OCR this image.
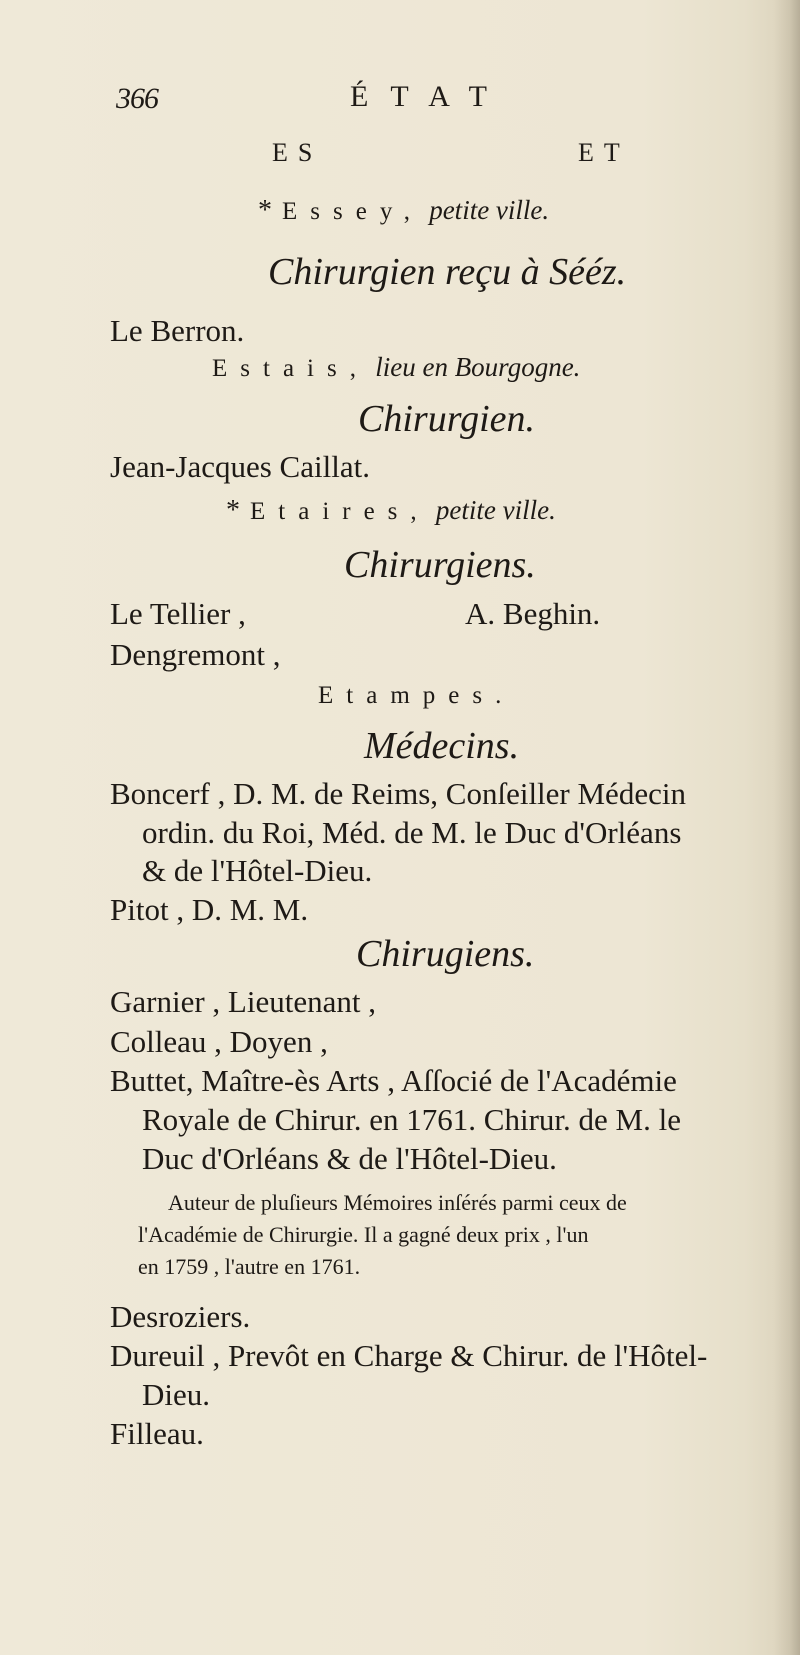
366	ÉTAT
ES	ET
* Essey, petite ville.
Chirurgien reçu à Sééz.
Le Berron.
Estais, lieu en Bourgogne.
Chirurgien.
Jean-Jacques Caillat.
* Etaires, petite ville.
Chirurgiens.
Le Tellier ,	A. Beghin.
Dengremont ,
Etampes.
Médecins.
Boncerf , D. M. de Reims, Conſeiller Médecin
ordin. du Roi, Méd. de M. le Duc d'Orléans
& de l'Hôtel-Dieu.
Pitot , D. M. M.
Chirugiens.
Garnier , Lieutenant ,
Colleau , Doyen ,
Buttet, Maître-ès Arts , Aſſocié de l'Académie
Royale de Chirur. en 1761. Chirur. de M. le
Duc d'Orléans & de l'Hôtel-Dieu.
Auteur de pluſieurs Mémoires inſérés parmi ceux de
l'Académie de Chirurgie. Il a gagné deux prix , l'un
en 1759 , l'autre en 1761.
Desroziers.
Dureuil , Prevôt en Charge & Chirur. de l'Hôtel-
Dieu.
Filleau.
